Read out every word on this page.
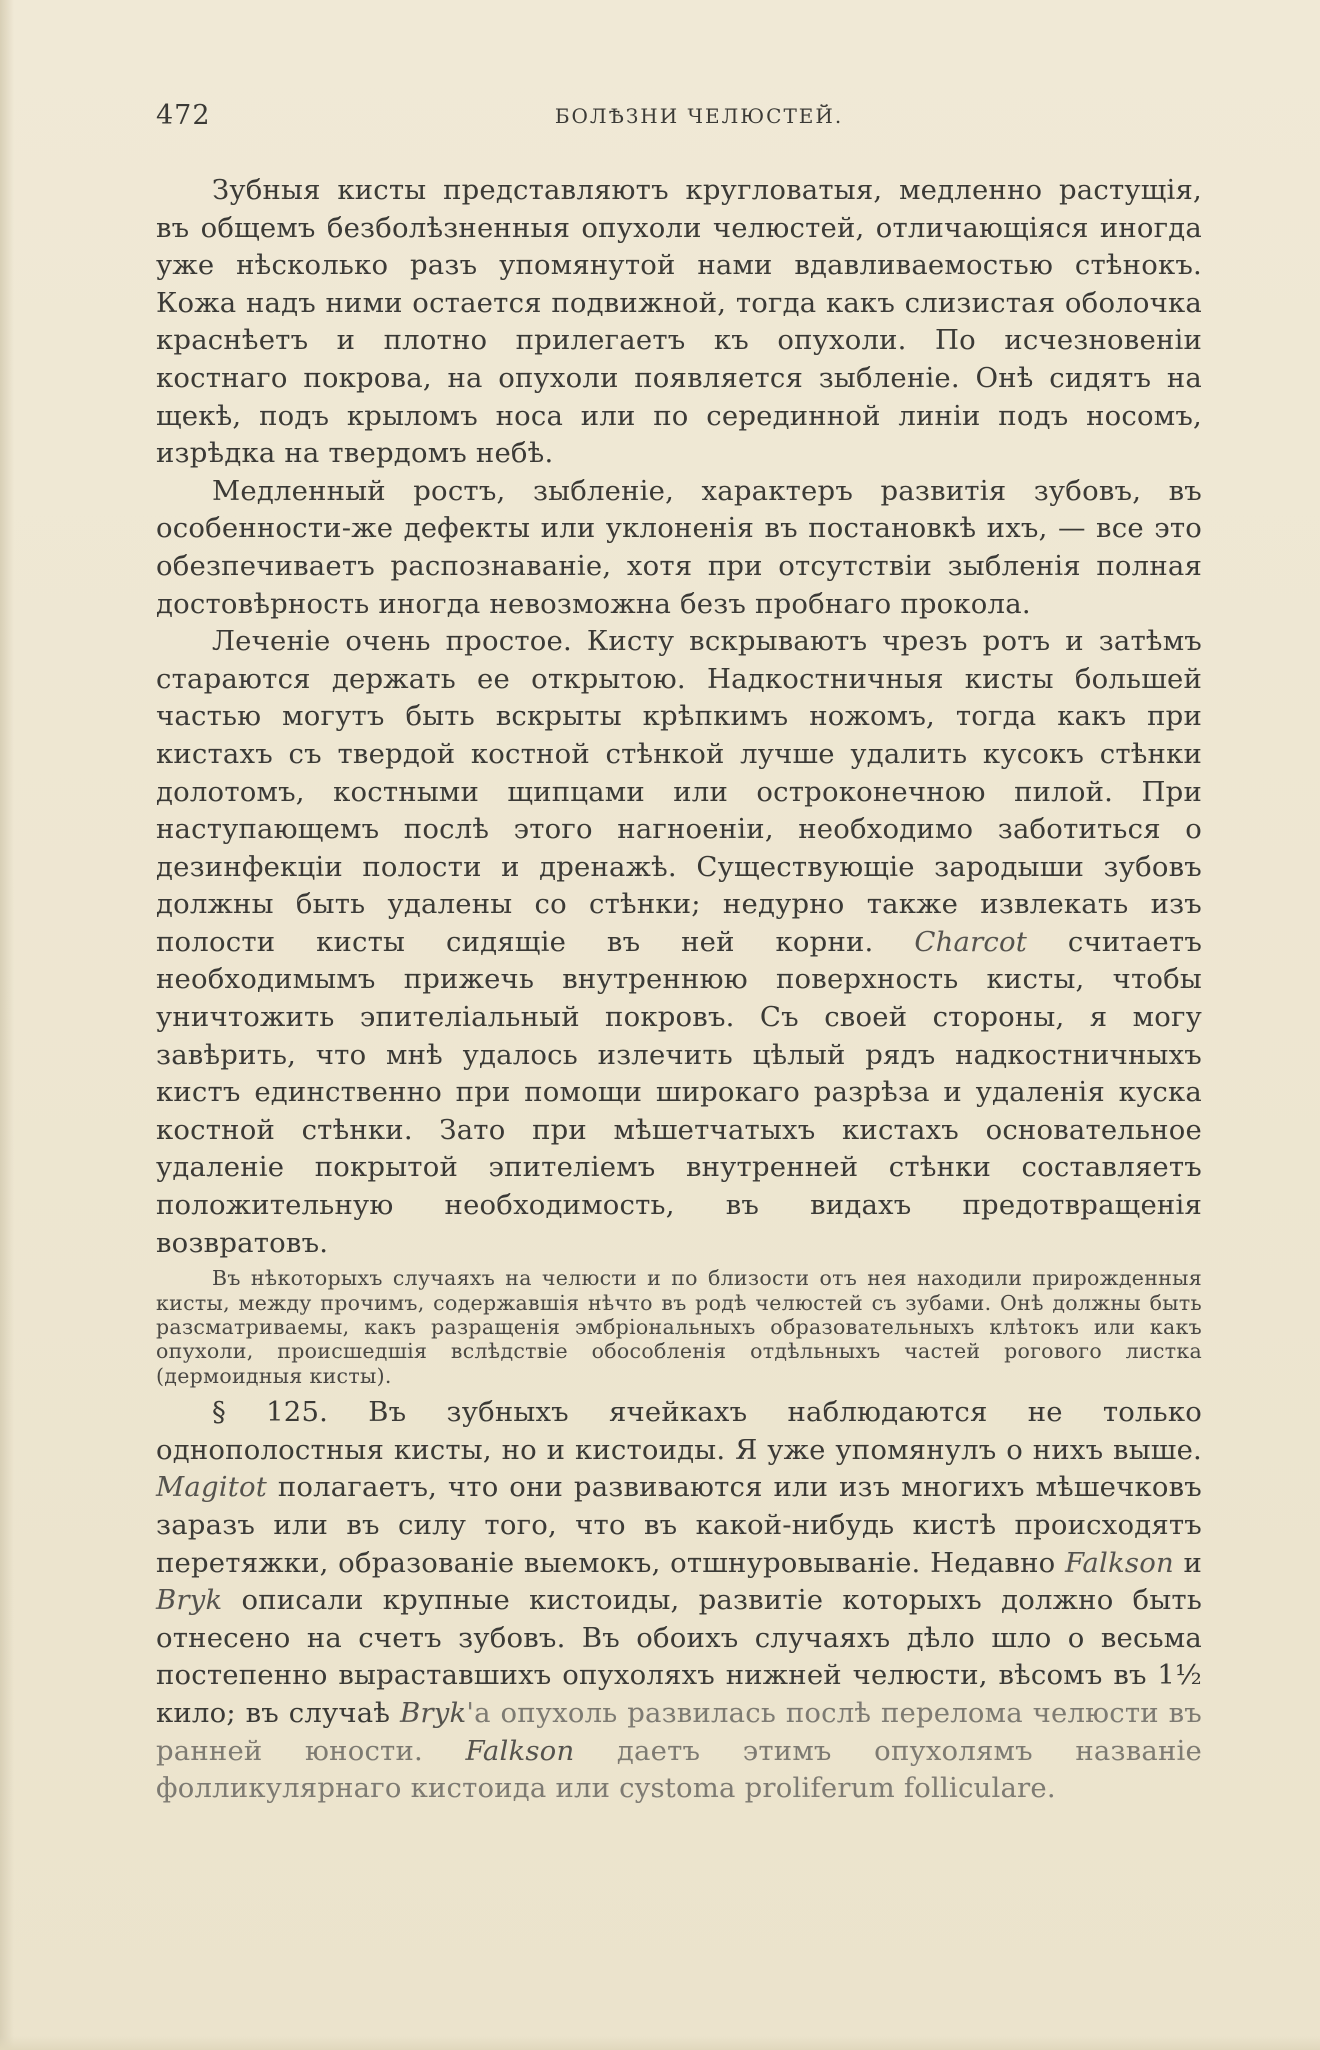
472	БОЛѢЗНИ ЧЕЛЮСТЕЙ.

Зубныя кисты представляютъ кругловатыя, медленно растущія, въ общемъ безболѣзненныя опухоли челюстей, отличающіяся иногда уже нѣсколько разъ упомянутой нами вдавливаемостью стѣнокъ. Кожа надъ ними остается подвижной, тогда какъ слизистая оболочка краснѣетъ и плотно прилегаетъ къ опухоли. По исчезновеніи костнаго покрова, на опухоли появляется зыбленіе. Онѣ сидятъ на щекѣ, подъ крыломъ носа или по серединной линіи подъ носомъ, изрѣдка на твердомъ небѣ.

Медленный ростъ, зыбленіе, характеръ развитія зубовъ, въ особенности-же дефекты или уклоненія въ постановкѣ ихъ, — все это обезпечиваетъ распознаваніе, хотя при отсутствіи зыбленія полная достовѣрность иногда невозможна безъ пробнаго прокола.

Леченіе очень простое. Кисту вскрываютъ чрезъ ротъ и затѣмъ стараются держать ее открытою. Надкостничныя кисты большей частью могутъ быть вскрыты крѣпкимъ ножомъ, тогда какъ при кистахъ съ твердой костной стѣнкой лучше удалить кусокъ стѣнки долотомъ, костными щипцами или остроконечною пилой. При наступающемъ послѣ этого нагноеніи, необходимо заботиться о дезинфекціи полости и дренажѣ. Существующіе зародыши зубовъ должны быть удалены со стѣнки; недурно также извлекать изъ полости кисты сидящіе въ ней корни. Charcot считаетъ необходимымъ прижечь внутреннюю поверхность кисты, чтобы уничтожить эпителіальный покровъ. Съ своей стороны, я могу завѣрить, что мнѣ удалось излечить цѣлый рядъ надкостничныхъ кистъ единственно при помощи широкаго разрѣза и удаленія куска костной стѣнки. Зато при мѣшетчатыхъ кистахъ основательное удаленіе покрытой эпителіемъ внутренней стѣнки составляетъ положительную необходимость, въ видахъ предотвращенія возвратовъ.

Въ нѣкоторыхъ случаяхъ на челюсти и по близости отъ нея находили прирожденныя кисты, между прочимъ, содержавшія нѣчто въ родѣ челюстей съ зубами. Онѣ должны быть разсматриваемы, какъ разращенія эмбріональныхъ образовательныхъ клѣтокъ или какъ опухоли, происшедшія вслѣдствіе обособленія отдѣльныхъ частей рогового листка (дермоидныя кисты).

§ 125. Въ зубныхъ ячейкахъ наблюдаются не только однополостныя кисты, но и кистоиды. Я уже упомянулъ о нихъ выше. Magitot полагаетъ, что они развиваются или изъ многихъ мѣшечковъ заразъ или въ силу того, что въ какой-нибудь кистѣ происходятъ перетяжки, образованіе выемокъ, отшнуровываніе. Недавно Falkson и Bryk описали крупные кистоиды, развитіе которыхъ должно быть отнесено на счетъ зубовъ. Въ обоихъ случаяхъ дѣло шло о весьма постепенно выраставшихъ опухоляхъ нижней челюсти, вѣсомъ въ 1½ кило; въ случаѣ Bryk'а опухоль развилась послѣ перелома челюсти въ ранней юности. Falkson даетъ этимъ опухолямъ названіе фолликулярнаго кистоида или cystoma proliferum folliculare.
